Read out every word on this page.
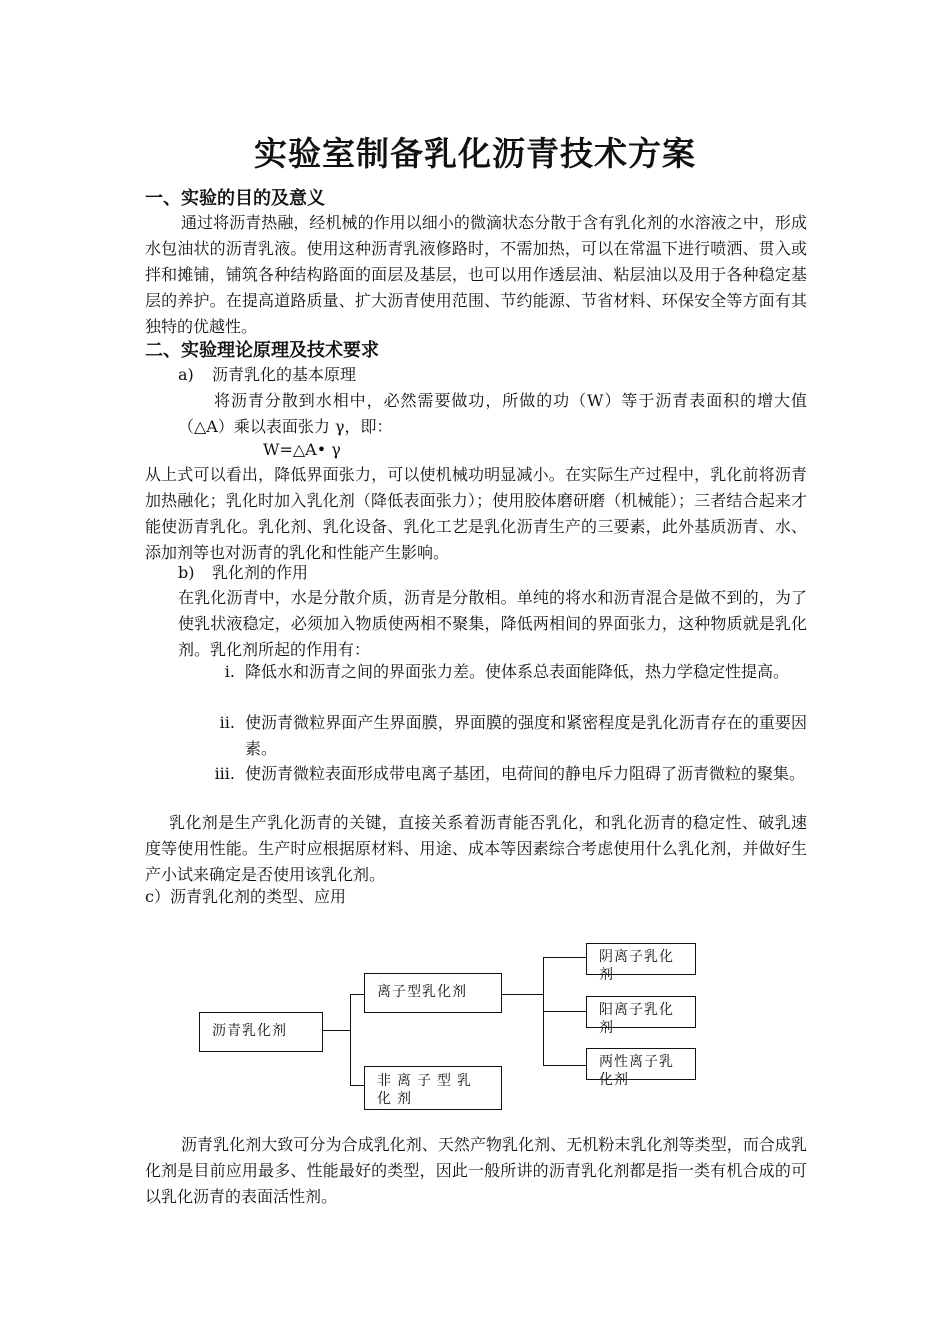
实验室制备乳化沥青技术方案
一、实验的目的及意义
通过将沥青热融，经机械的作用以细小的微滴状态分散于含有乳化剂的水溶液之中，形成水包油状的沥青乳液。使用这种沥青乳液修路时，不需加热，可以在常温下进行喷洒、贯入或拌和摊铺，铺筑各种结构路面的面层及基层，也可以用作透层油、粘层油以及用于各种稳定基层的养护。在提高道路质量、扩大沥青使用范围、节约能源、节省材料、环保安全等方面有其独特的优越性。
二、实验理论原理及技术要求
a) 沥青乳化的基本原理
将沥青分散到水相中，必然需要做功，所做的功（W）等于沥青表面积的增大值（△A）乘以表面张力 γ，即：
W=△A• γ
从上式可以看出，降低界面张力，可以使机械功明显减小。在实际生产过程中，乳化前将沥青加热融化；乳化时加入乳化剂（降低表面张力）；使用胶体磨研磨（机械能）；三者结合起来才能使沥青乳化。乳化剂、乳化设备、乳化工艺是乳化沥青生产的三要素，此外基质沥青、水、添加剂等也对沥青的乳化和性能产生影响。
b) 乳化剂的作用
在乳化沥青中，水是分散介质，沥青是分散相。单纯的将水和沥青混合是做不到的，为了使乳状液稳定，必须加入物质使两相不聚集，降低两相间的界面张力，这种物质就是乳化剂。乳化剂所起的作用有：
i. 降低水和沥青之间的界面张力差。使体系总表面能降低，热力学稳定性提高。
ii. 使沥青微粒界面产生界面膜，界面膜的强度和紧密程度是乳化沥青存在的重要因素。
iii. 使沥青微粒表面形成带电离子基团，电荷间的静电斥力阻碍了沥青微粒的聚集。
乳化剂是生产乳化沥青的关键，直接关系着沥青能否乳化，和乳化沥青的稳定性、破乳速度等使用性能。生产时应根据原材料、用途、成本等因素综合考虑使用什么乳化剂，并做好生产小试来确定是否使用该乳化剂。
c）沥青乳化剂的类型、应用
沥青乳化剂
离子型乳化剂
非离子型乳化剂
阴离子乳化剂
阳离子乳化剂
两性离子乳化剂
沥青乳化剂大致可分为合成乳化剂、天然产物乳化剂、无机粉末乳化剂等类型，而合成乳化剂是目前应用最多、性能最好的类型，因此一般所讲的沥青乳化剂都是指一类有机合成的可以乳化沥青的表面活性剂。
